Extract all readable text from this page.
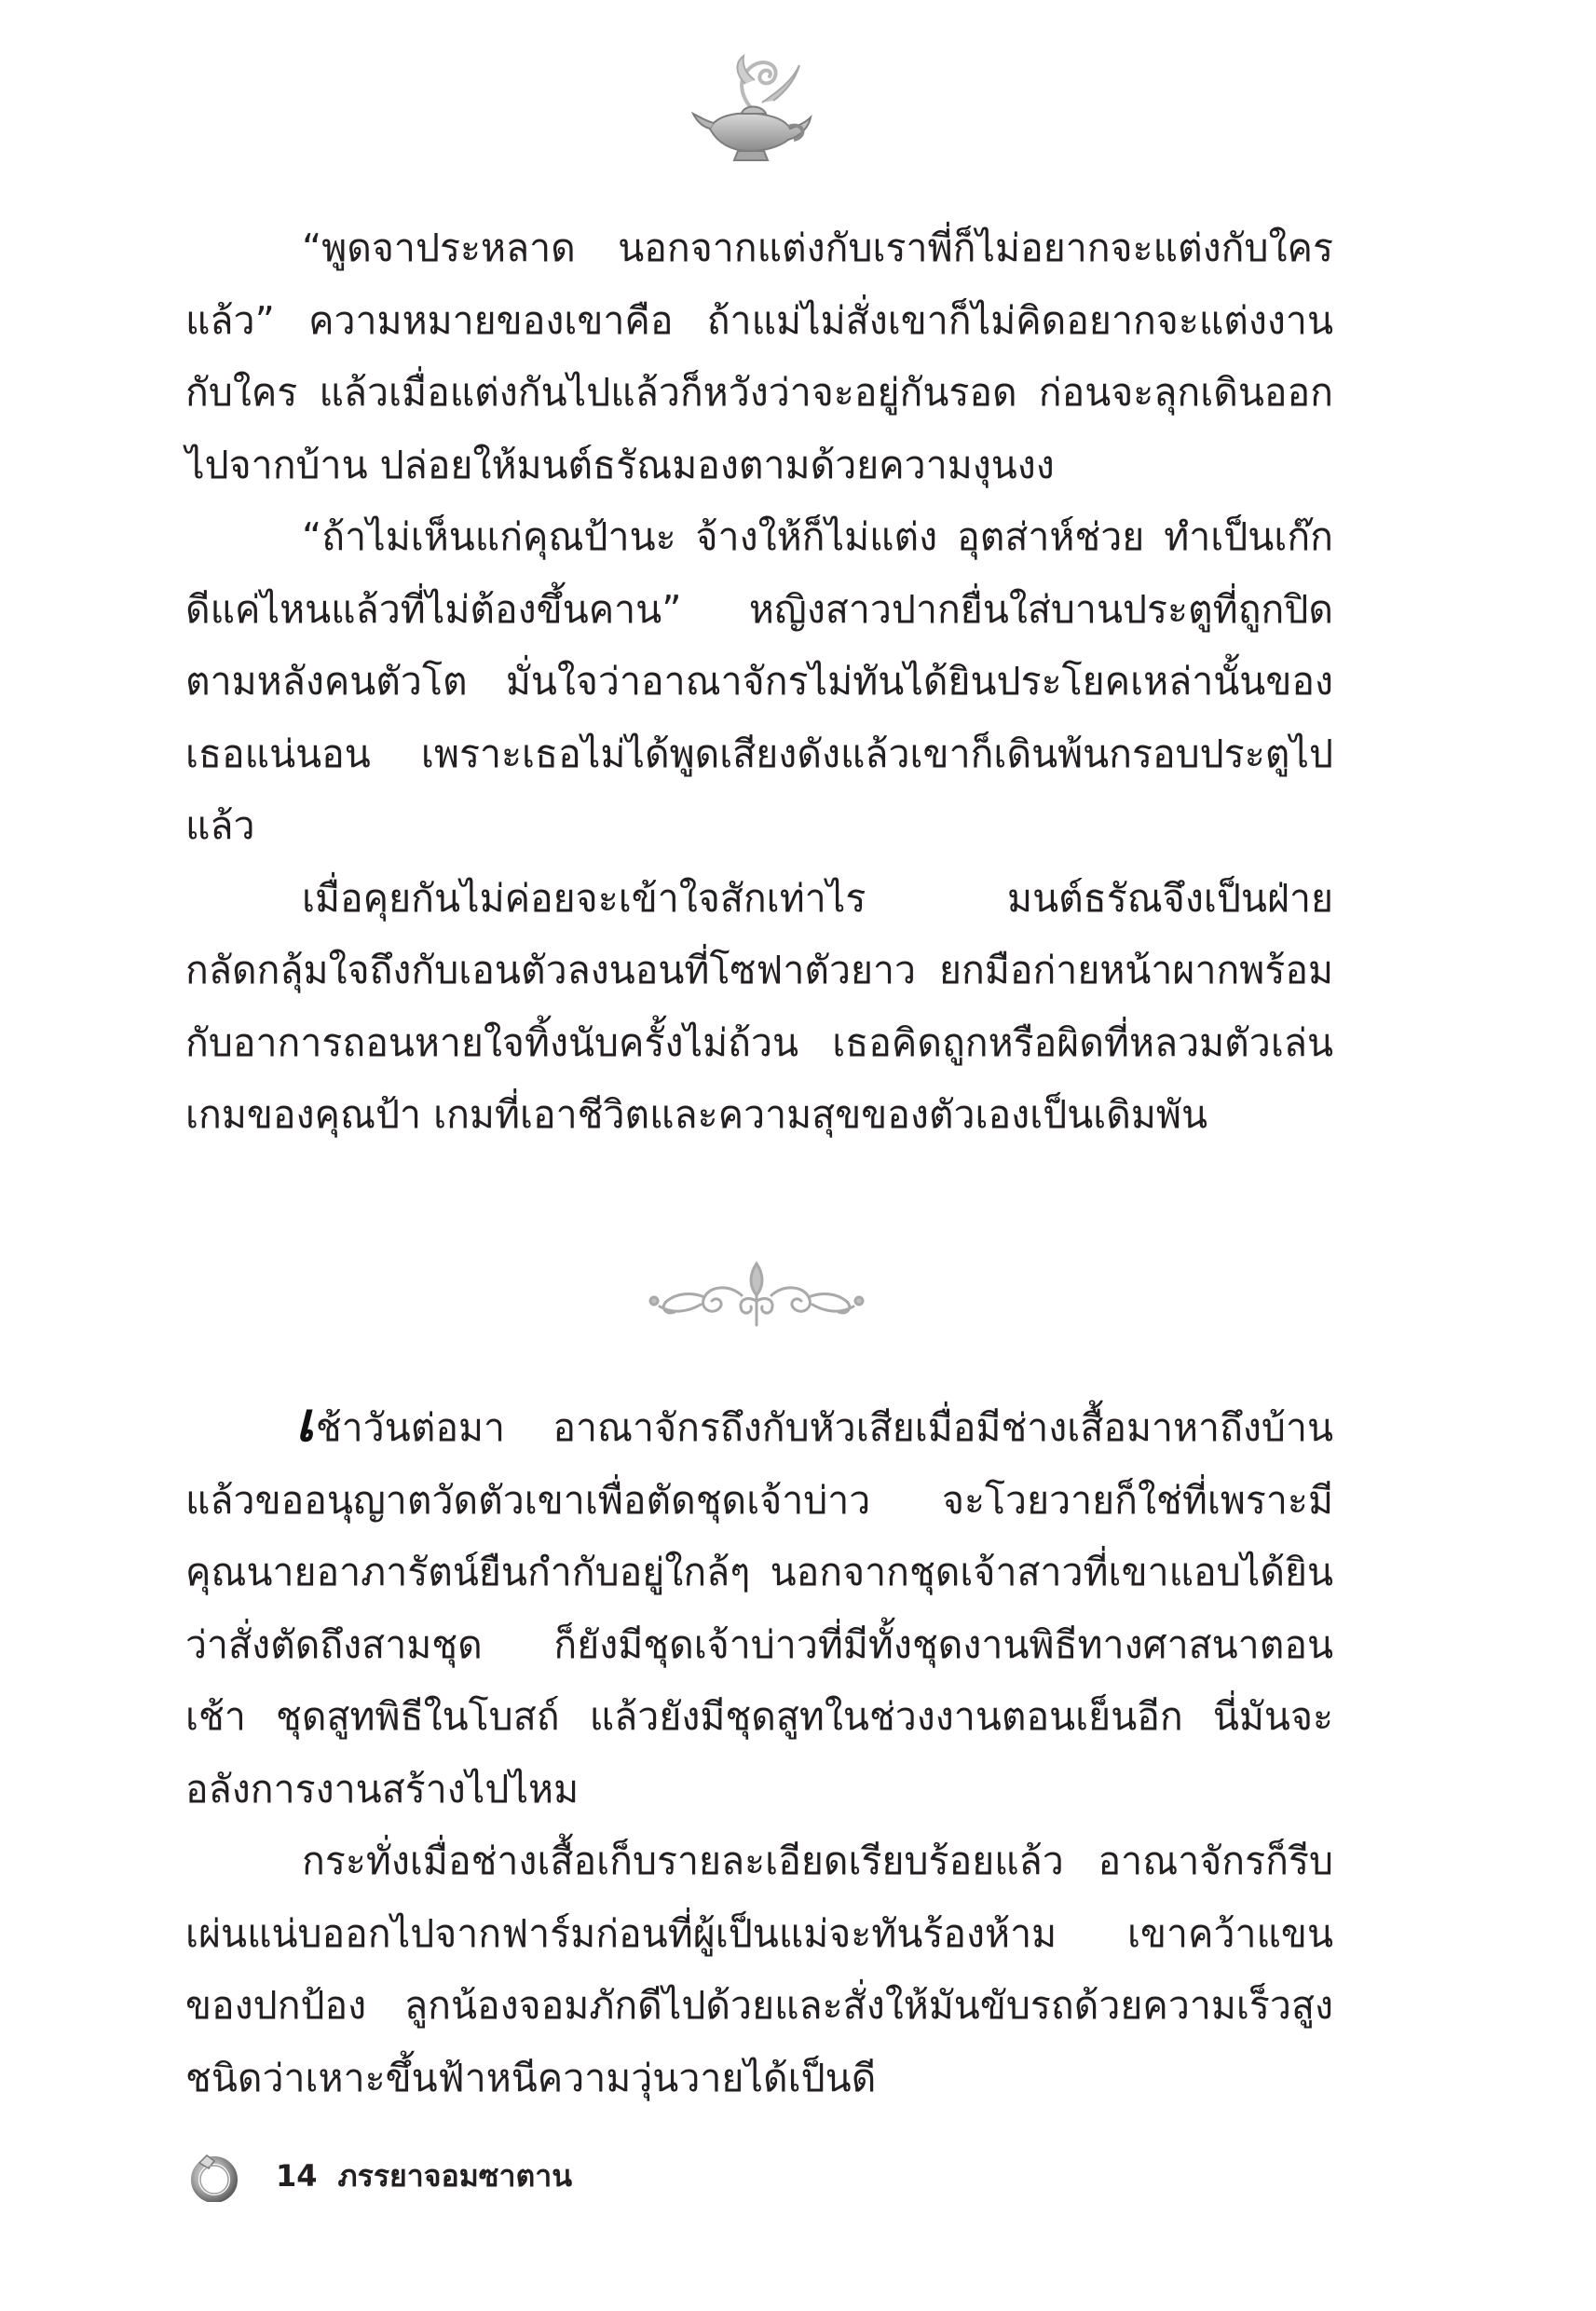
“พูดจาประหลาด นอกจากแต่งกับเราพี่ก็ไม่อยากจะแต่งกับใครแล้ว” ความหมายของเขาคือ ถ้าแม่ไม่สั่งเขาก็ไม่คิดอยากจะแต่งงานกับใคร แล้วเมื่อแต่งกันไปแล้วก็หวังว่าจะอยู่กันรอด ก่อนจะลุกเดินออกไปจากบ้าน ปล่อยให้มนต์ธรัณมองตามด้วยความงุนงง

“ถ้าไม่เห็นแก่คุณป้านะ จ้างให้ก็ไม่แต่ง อุตส่าห์ช่วย ทำเป็นเก๊กดีแค่ไหนแล้วที่ไม่ต้องขึ้นคาน” หญิงสาวปากยื่นใส่บานประตูที่ถูกปิดตามหลังคนตัวโต มั่นใจว่าอาณาจักรไม่ทันได้ยินประโยคเหล่านั้นของเธอแน่นอน เพราะเธอไม่ได้พูดเสียงดังแล้วเขาก็เดินพ้นกรอบประตูไปแล้ว

เมื่อคุยกันไม่ค่อยจะเข้าใจสักเท่าไร มนต์ธรัณจึงเป็นฝ่ายกลัดกลุ้มใจถึงกับเอนตัวลงนอนที่โซฟาตัวยาว ยกมือก่ายหน้าผากพร้อมกับอาการถอนหายใจทิ้งนับครั้งไม่ถ้วน เธอคิดถูกหรือผิดที่หลวมตัวเล่นเกมของคุณป้า เกมที่เอาชีวิตและความสุขของตัวเองเป็นเดิมพัน

เช้าวันต่อมา อาณาจักรถึงกับหัวเสียเมื่อมีช่างเสื้อมาหาถึงบ้านแล้วขออนุญาตวัดตัวเขาเพื่อตัดชุดเจ้าบ่าว จะโวยวายก็ใช่ที่เพราะมีคุณนายอาภารัตน์ยืนกำกับอยู่ใกล้ๆ นอกจากชุดเจ้าสาวที่เขาแอบได้ยินว่าสั่งตัดถึงสามชุด ก็ยังมีชุดเจ้าบ่าวที่มีทั้งชุดงานพิธีทางศาสนาตอนเช้า ชุดสูทพิธีในโบสถ์ แล้วยังมีชุดสูทในช่วงงานตอนเย็นอีก นี่มันจะอลังการงานสร้างไปไหม

กระทั่งเมื่อช่างเสื้อเก็บรายละเอียดเรียบร้อยแล้ว อาณาจักรก็รีบเผ่นแน่บออกไปจากฟาร์มก่อนที่ผู้เป็นแม่จะทันร้องห้าม เขาคว้าแขนของปกป้อง ลูกน้องจอมภักดีไปด้วยและสั่งให้มันขับรถด้วยความเร็วสูงชนิดว่าเหาะขึ้นฟ้าหนีความวุ่นวายได้เป็นดี

14 ภรรยาจอมซาตาน
